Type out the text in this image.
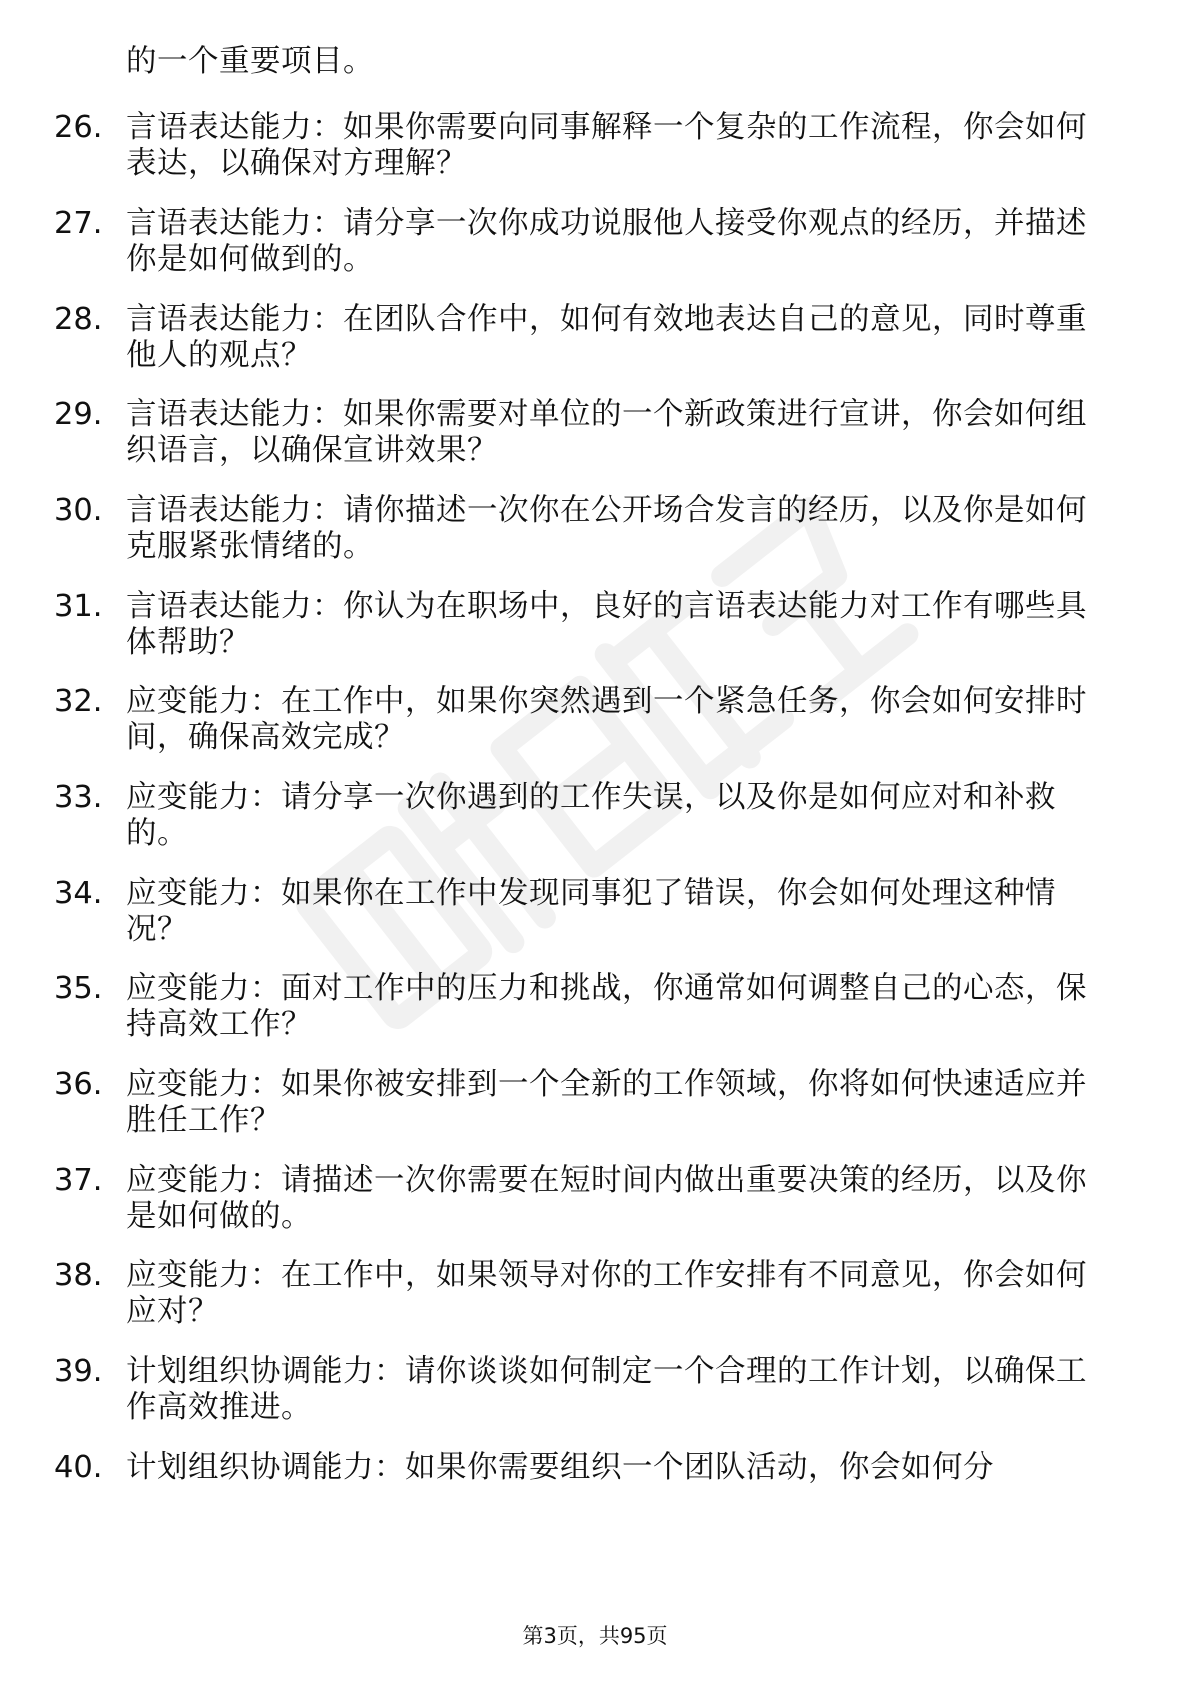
的一个重要项目。
26. 言语表达能力：如果你需要向同事解释一个复杂的工作流程，你会如何表达，以确保对方理解？
27. 言语表达能力：请分享一次你成功说服他人接受你观点的经历，并描述你是如何做到的。
28. 言语表达能力：在团队合作中，如何有效地表达自己的意见，同时尊重他人的观点？
29. 言语表达能力：如果你需要对单位的一个新政策进行宣讲，你会如何组织语言，以确保宣讲效果？
30. 言语表达能力：请你描述一次你在公开场合发言的经历，以及你是如何克服紧张情绪的。
31. 言语表达能力：你认为在职场中，良好的言语表达能力对工作有哪些具体帮助？
32. 应变能力：在工作中，如果你突然遇到一个紧急任务，你会如何安排时间，确保高效完成？
33. 应变能力：请分享一次你遇到的工作失误，以及你是如何应对和补救的。
34. 应变能力：如果你在工作中发现同事犯了错误，你会如何处理这种情况？
35. 应变能力：面对工作中的压力和挑战，你通常如何调整自己的心态，保持高效工作？
36. 应变能力：如果你被安排到一个全新的工作领域，你将如何快速适应并胜任工作？
37. 应变能力：请描述一次你需要在短时间内做出重要决策的经历，以及你是如何做的。
38. 应变能力：在工作中，如果领导对你的工作安排有不同意见，你会如何应对？
39. 计划组织协调能力：请你谈谈如何制定一个合理的工作计划，以确保工作高效推进。
40. 计划组织协调能力：如果你需要组织一个团队活动，你会如何分
第3页，共95页
